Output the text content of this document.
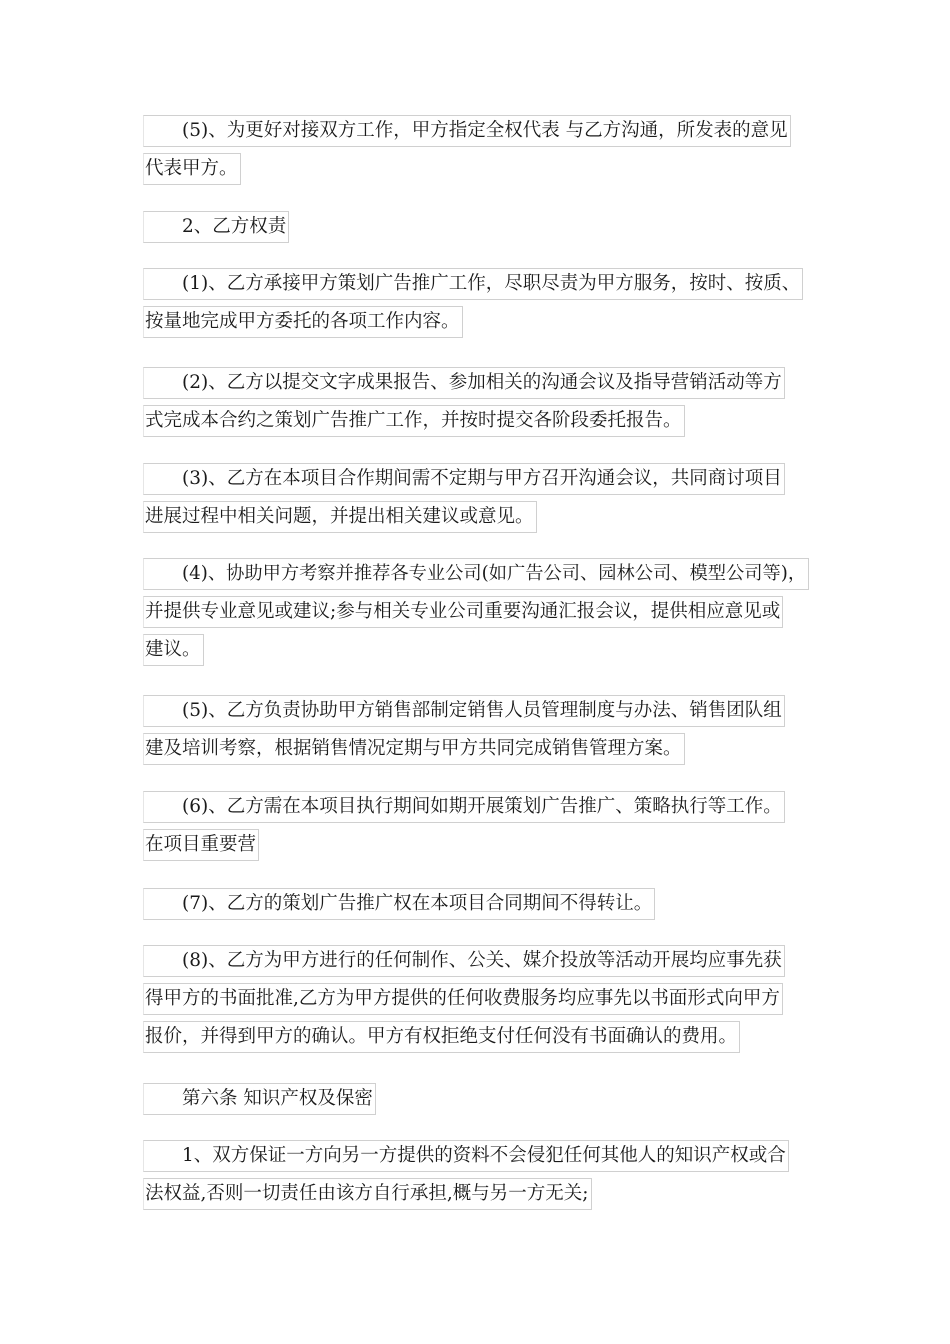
(5)、为更好对接双方工作，甲方指定全权代表 与乙方沟通，所发表的意见
代表甲方。
2、乙方权责
(1)、乙方承接甲方策划广告推广工作，尽职尽责为甲方服务，按时、按质、
按量地完成甲方委托的各项工作内容。
(2)、乙方以提交文字成果报告、参加相关的沟通会议及指导营销活动等方
式完成本合约之策划广告推广工作，并按时提交各阶段委托报告。
(3)、乙方在本项目合作期间需不定期与甲方召开沟通会议，共同商讨项目
进展过程中相关问题，并提出相关建议或意见。
(4)、协助甲方考察并推荐各专业公司(如广告公司、园林公司、模型公司等)，
并提供专业意见或建议;参与相关专业公司重要沟通汇报会议，提供相应意见或
建议。
(5)、乙方负责协助甲方销售部制定销售人员管理制度与办法、销售团队组
建及培训考察，根据销售情况定期与甲方共同完成销售管理方案。
(6)、乙方需在本项目执行期间如期开展策划广告推广、策略执行等工作。
在项目重要营
(7)、乙方的策划广告推广权在本项目合同期间不得转让。
(8)、乙方为甲方进行的任何制作、公关、媒介投放等活动开展均应事先获
得甲方的书面批准,乙方为甲方提供的任何收费服务均应事先以书面形式向甲方
报价，并得到甲方的确认。甲方有权拒绝支付任何没有书面确认的费用。
第六条 知识产权及保密
1、双方保证一方向另一方提供的资料不会侵犯任何其他人的知识产权或合
法权益,否则一切责任由该方自行承担,概与另一方无关;
